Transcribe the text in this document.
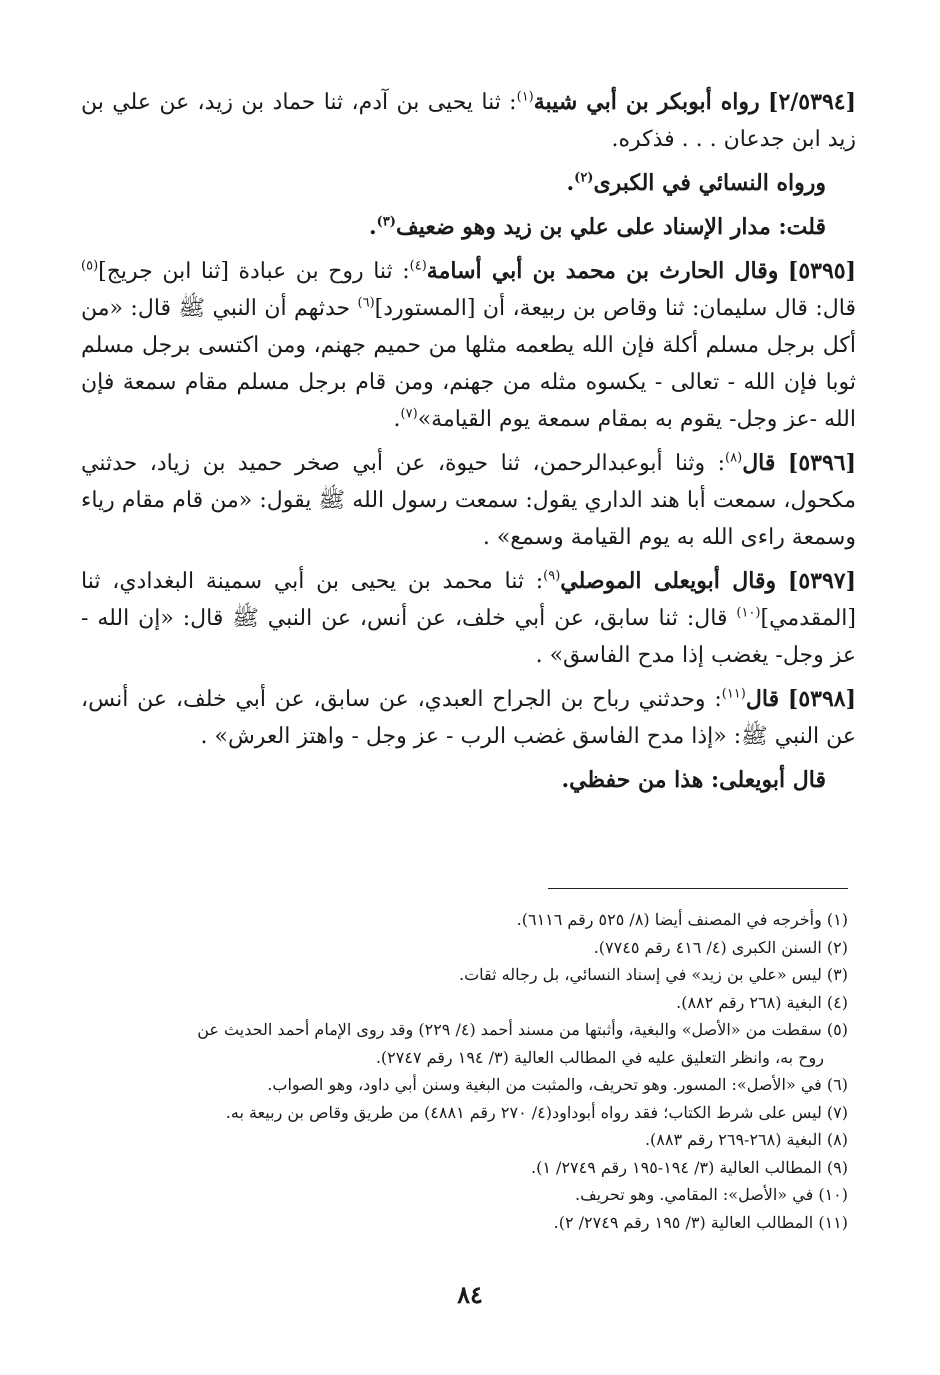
[٢/٥٣٩٤] رواه أبوبكر بن أبي شيبة$^{(١)}$: ثنا يحيى بن آدم، ثنا حماد بن زيد، عن علي بن زيد ابن جدعان . . . فذكره.

ورواه النسائي في الكبرى$^{(٢)}$.

قلت: مدار الإسناد على علي بن زيد وهو ضعيف$^{(٣)}$.

[٥٣٩٥] وقال الحارث بن محمد بن أبي أسامة$^{(٤)}$: ثنا روح بن عبادة [ثنا ابن جريج]$^{(٥)}$ قال: قال سليمان: ثنا وقاص بن ربيعة، أن [المستورد]$^{(٦)}$ حدثهم أن النبي ﷺ قال: «من أكل برجل مسلم أكلة فإن الله يطعمه مثلها من حميم جهنم، ومن اكتسى برجل مسلم ثوبا فإن الله - تعالى - يكسوه مثله من جهنم، ومن قام برجل مسلم مقام سمعة فإن الله -عز وجل- يقوم به بمقام سمعة يوم القيامة»$^{(٧)}$.

[٥٣٩٦] قال$^{(٨)}$: وثنا أبوعبدالرحمن، ثنا حيوة، عن أبي صخر حميد بن زياد، حدثني مكحول، سمعت أبا هند الداري يقول: سمعت رسول الله ﷺ يقول: «من قام مقام رياء وسمعة راءى الله به يوم القيامة وسمع» .

[٥٣٩٧] وقال أبويعلى الموصلي$^{(٩)}$: ثنا محمد بن يحيى بن أبي سمينة البغدادي، ثنا [المقدمي]$^{(١٠)}$ قال: ثنا سابق، عن أبي خلف، عن أنس، عن النبي ﷺ قال: «إن الله - عز وجل- يغضب إذا مدح الفاسق» .

[٥٣٩٨] قال$^{(١١)}$: وحدثني رباح بن الجراح العبدي، عن سابق، عن أبي خلف، عن أنس، عن النبي ﷺ: «إذا مدح الفاسق غضب الرب - عز وجل - واهتز العرش» .

قال أبويعلى: هذا من حفظي.

(١) وأخرجه في المصنف أيضا (٨/ ٥٢٥ رقم ٦١١٦).

(٢) السنن الكبرى (٤/ ٤١٦ رقم ٧٧٤٥).

(٣) ليس «علي بن زيد» في إسناد النسائي، بل رجاله ثقات.

(٤) البغية (٢٦٨ رقم ٨٨٢).

(٥) سقطت من «الأصل» والبغية، وأثبتها من مسند أحمد (٤/ ٢٢٩) وقد روى الإمام أحمد الحديث عن

روح به، وانظر التعليق عليه في المطالب العالية (٣/ ١٩٤ رقم ٢٧٤٧).

(٦) في «الأصل»: المسور. وهو تحريف، والمثبت من البغية وسنن أبي داود، وهو الصواب.

(٧) ليس على شرط الكتاب؛ فقد رواه أبوداود(٤/ ٢٧٠ رقم ٤٨٨١) من طريق وقاص بن ربيعة به.

(٨) البغية (٢٦٨-٢٦٩ رقم ٨٨٣).

(٩) المطالب العالية (٣/ ١٩٤-١٩٥ رقم ٢٧٤٩/ ١).

(١٠) في «الأصل»: المقامي. وهو تحريف.

(١١) المطالب العالية (٣/ ١٩٥ رقم ٢٧٤٩/ ٢).

٨٤
